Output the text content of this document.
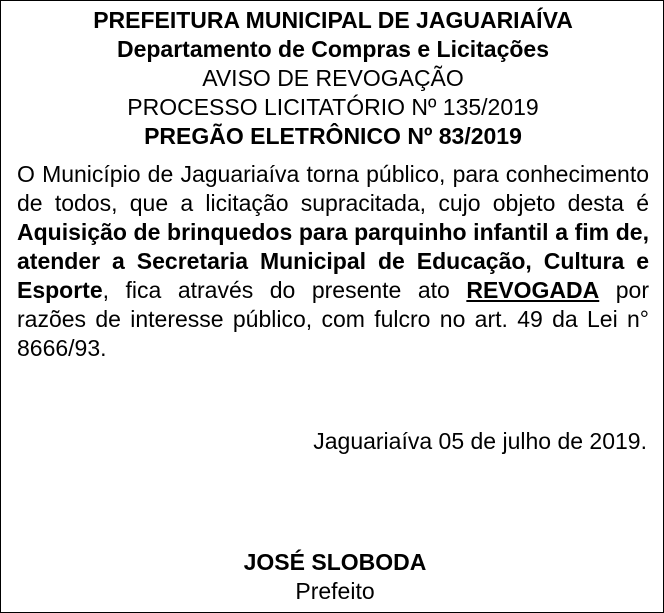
PREFEITURA MUNICIPAL DE JAGUARIAÍVA
Departamento de Compras e Licitações
AVISO DE REVOGAÇÃO
PROCESSO LICITATÓRIO Nº 135/2019
PREGÃO ELETRÔNICO Nº 83/2019
O Município de Jaguariaíva torna público, para conhecimento de todos, que a licitação supracitada, cujo objeto desta é Aquisição de brinquedos para parquinho infantil a fim de, atender a Secretaria Municipal de Educação, Cultura e Esporte, fica através do presente ato REVOGADA por razões de interesse público, com fulcro no art. 49 da Lei n° 8666/93.
Jaguariaíva 05 de julho de 2019.
JOSÉ SLOBODA
Prefeito
